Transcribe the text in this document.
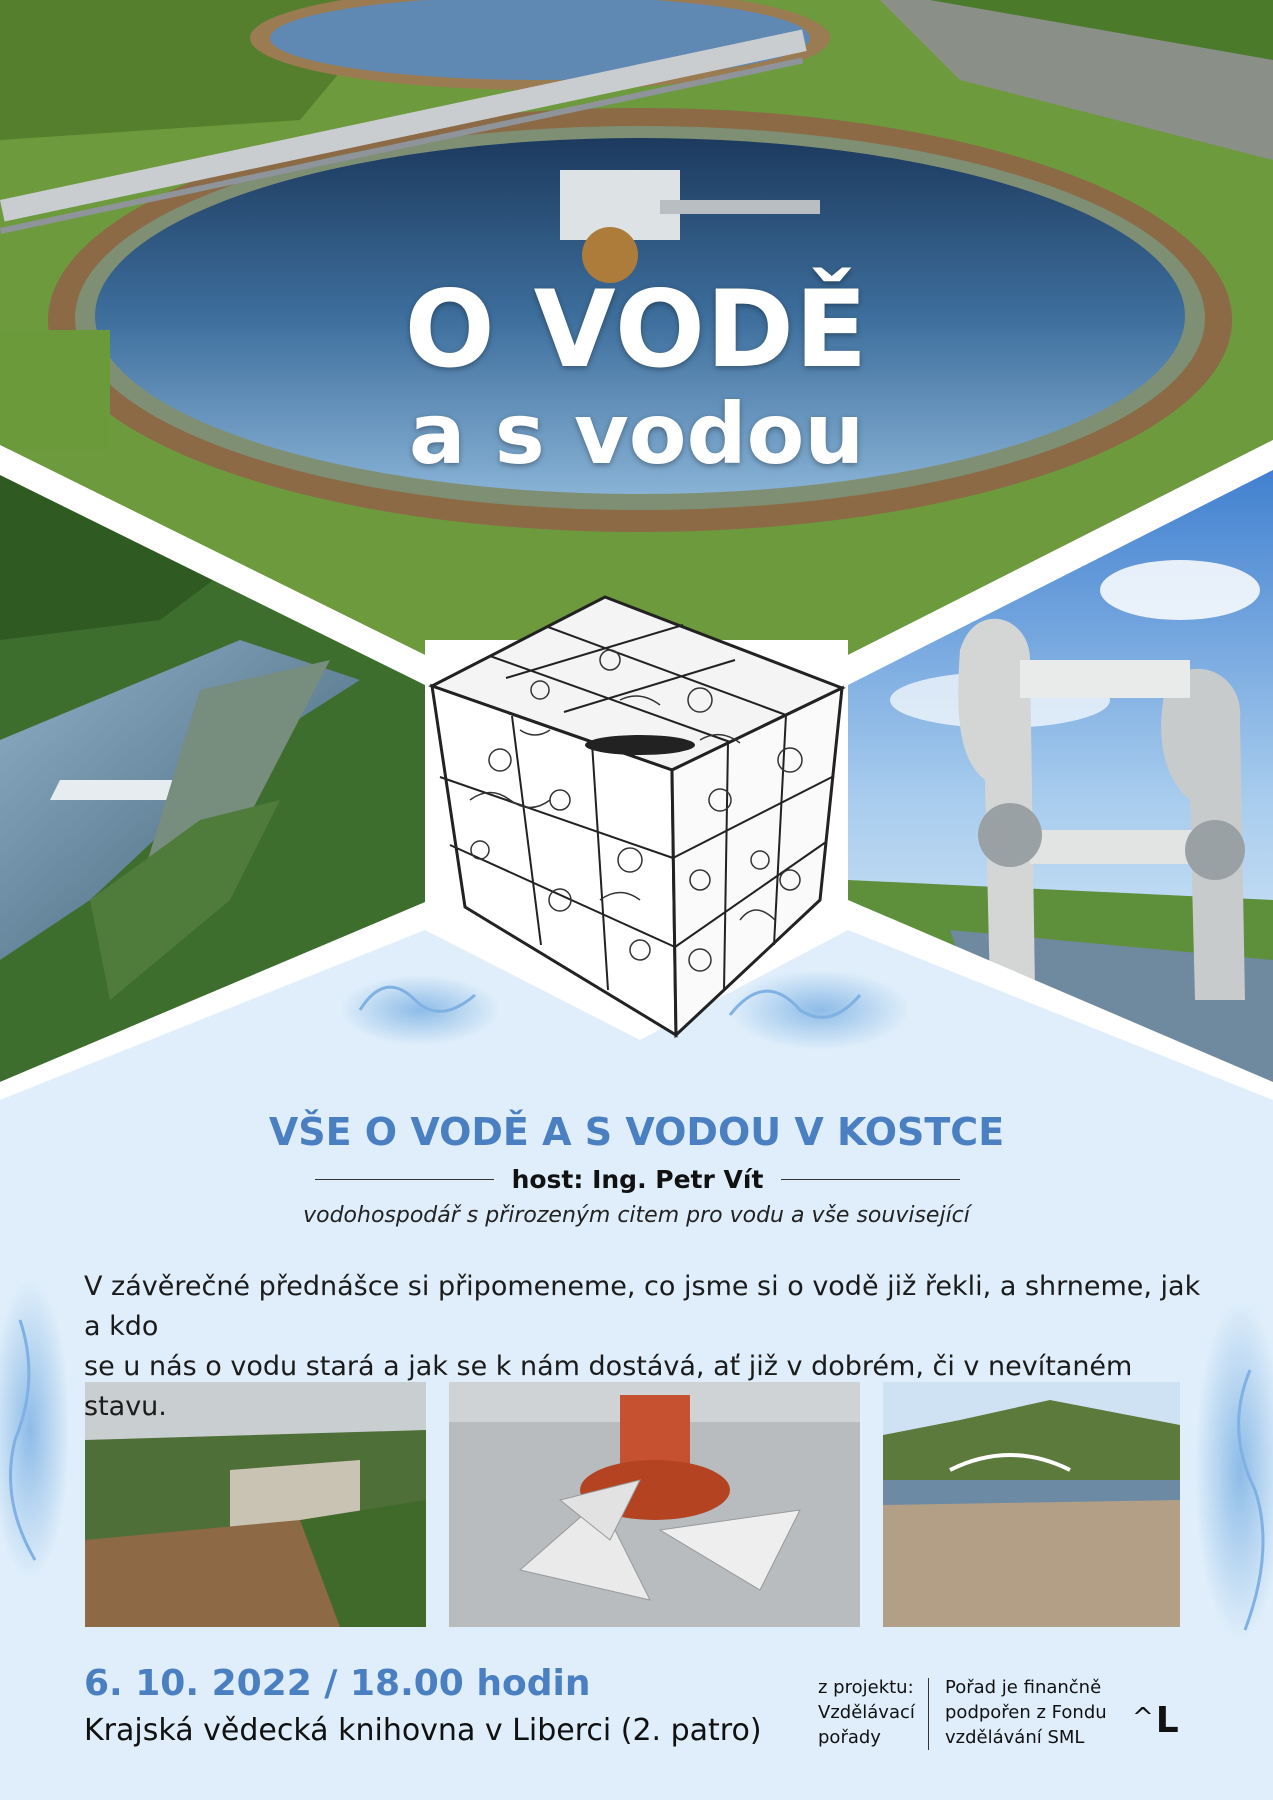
O VODĚ
a s vodou
VŠE O VODĚ A S VODOU V KOSTCE
host: Ing. Petr Vít
vodohospodář s přirozeným citem pro vodu a vše související
V závěrečné přednášce si připomeneme, co jsme si o vodě již řekli, a shrneme, jak a kdo
se u nás o vodu stará a jak se k nám dostává, ať již v dobrém, či v nevítaném stavu.
6. 10. 2022 / 18.00 hodin
Krajská vědecká knihovna v Liberci (2. patro)
z projektu:
Vzdělávací
pořady
Pořad je finančně
podpořen z Fondu
vzdělávání SML
^L
